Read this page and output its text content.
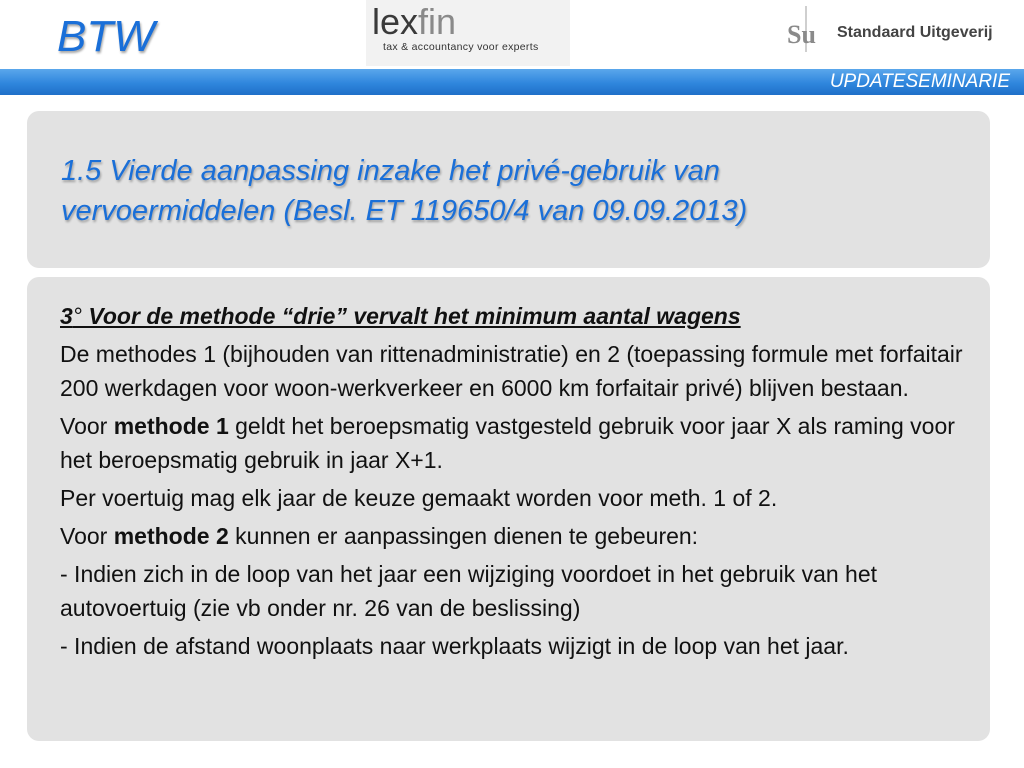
BTW	lexfin
tax & accountancy voor experts	Su Standaard Uitgeverij
UPDATESEMINARIE
1.5 Vierde aanpassing inzake het privé-gebruik van vervoermiddelen (Besl. ET 119650/4 van 09.09.2013)

3° Voor de methode “drie” vervalt het minimum aantal wagens

De methodes 1 (bijhouden van rittenadministratie) en 2 (toepassing formule met forfaitair 200 werkdagen voor woon-werkverkeer en 6000 km forfaitair privé) blijven bestaan.

Voor methode 1 geldt het beroepsmatig vastgesteld gebruik voor jaar X als raming voor het beroepsmatig gebruik in jaar X+1.

Per voertuig mag elk jaar de keuze gemaakt worden voor meth. 1 of 2.

Voor methode 2 kunnen er aanpassingen dienen te gebeuren:

- Indien zich in de loop van het jaar een wijziging voordoet in het gebruik van het autovoertuig (zie vb onder nr. 26 van de beslissing)

- Indien de afstand woonplaats naar werkplaats wijzigt in de loop van het jaar.
